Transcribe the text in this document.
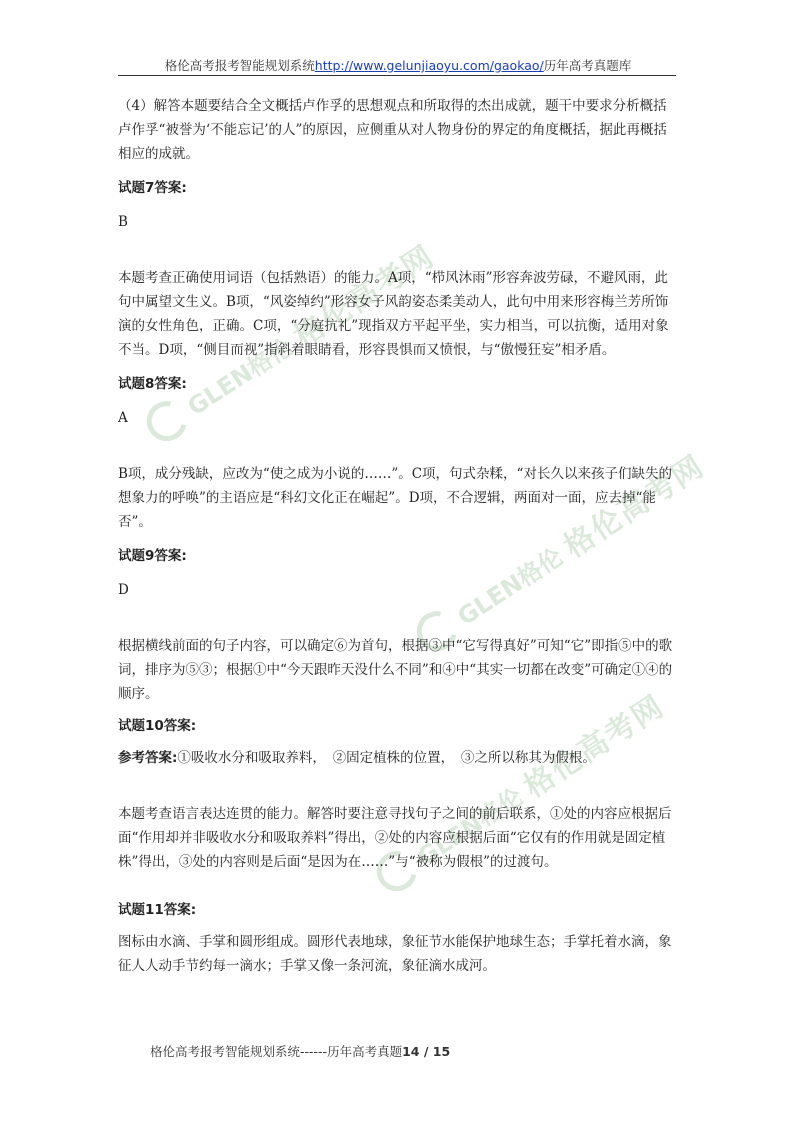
格伦高考报考智能规划系统http://www.gelunjiaoyu.com/gaokao/历年高考真题库
GLEN格伦
格伦高考网
GLEN格伦
格伦高考网
GLEN格伦
格伦高考网

（4）解答本题要结合全文概括卢作孚的思想观点和所取得的杰出成就，题干中要求分析概括卢作孚“被誉为‘不能忘记’的人”的原因，应侧重从对人物身份的界定的角度概括，据此再概括相应的成就。

试题7答案:

B

本题考查正确使用词语（包括熟语）的能力。A项，“栉风沐雨”形容奔波劳碌，不避风雨，此句中属望文生义。B项，“风姿绰约”形容女子风韵姿态柔美动人，此句中用来形容梅兰芳所饰演的女性角色，正确。C项，“分庭抗礼”现指双方平起平坐，实力相当，可以抗衡，适用对象不当。D项，“侧目而视”指斜着眼睛看，形容畏惧而又愤恨，与“傲慢狂妄”相矛盾。

试题8答案:

A

B项，成分残缺，应改为“使之成为小说的……”。C项，句式杂糅，“对长久以来孩子们缺失的想象力的呼唤”的主语应是“科幻文化正在崛起”。D项，不合逻辑，两面对一面，应去掉“能否”。

试题9答案:

D

根据横线前面的句子内容，可以确定⑥为首句，根据③中“它写得真好”可知“它”即指⑤中的歌词，排序为⑤③；根据①中“今天跟昨天没什么不同”和④中“其实一切都在改变”可确定①④的顺序。

试题10答案:

参考答案:①吸收水分和吸取养料，　②固定植株的位置，　③之所以称其为假根。

本题考查语言表达连贯的能力。解答时要注意寻找句子之间的前后联系，①处的内容应根据后面“作用却并非吸收水分和吸取养料”得出，②处的内容应根据后面“它仅有的作用就是固定植株”得出，③处的内容则是后面“是因为在……”与“被称为假根”的过渡句。

试题11答案:

图标由水滴、手掌和圆形组成。圆形代表地球，象征节水能保护地球生态；手掌托着水滴，象征人人动手节约每一滴水；手掌又像一条河流，象征滴水成河。

格伦高考报考智能规划系统------历年高考真题14 / 15
